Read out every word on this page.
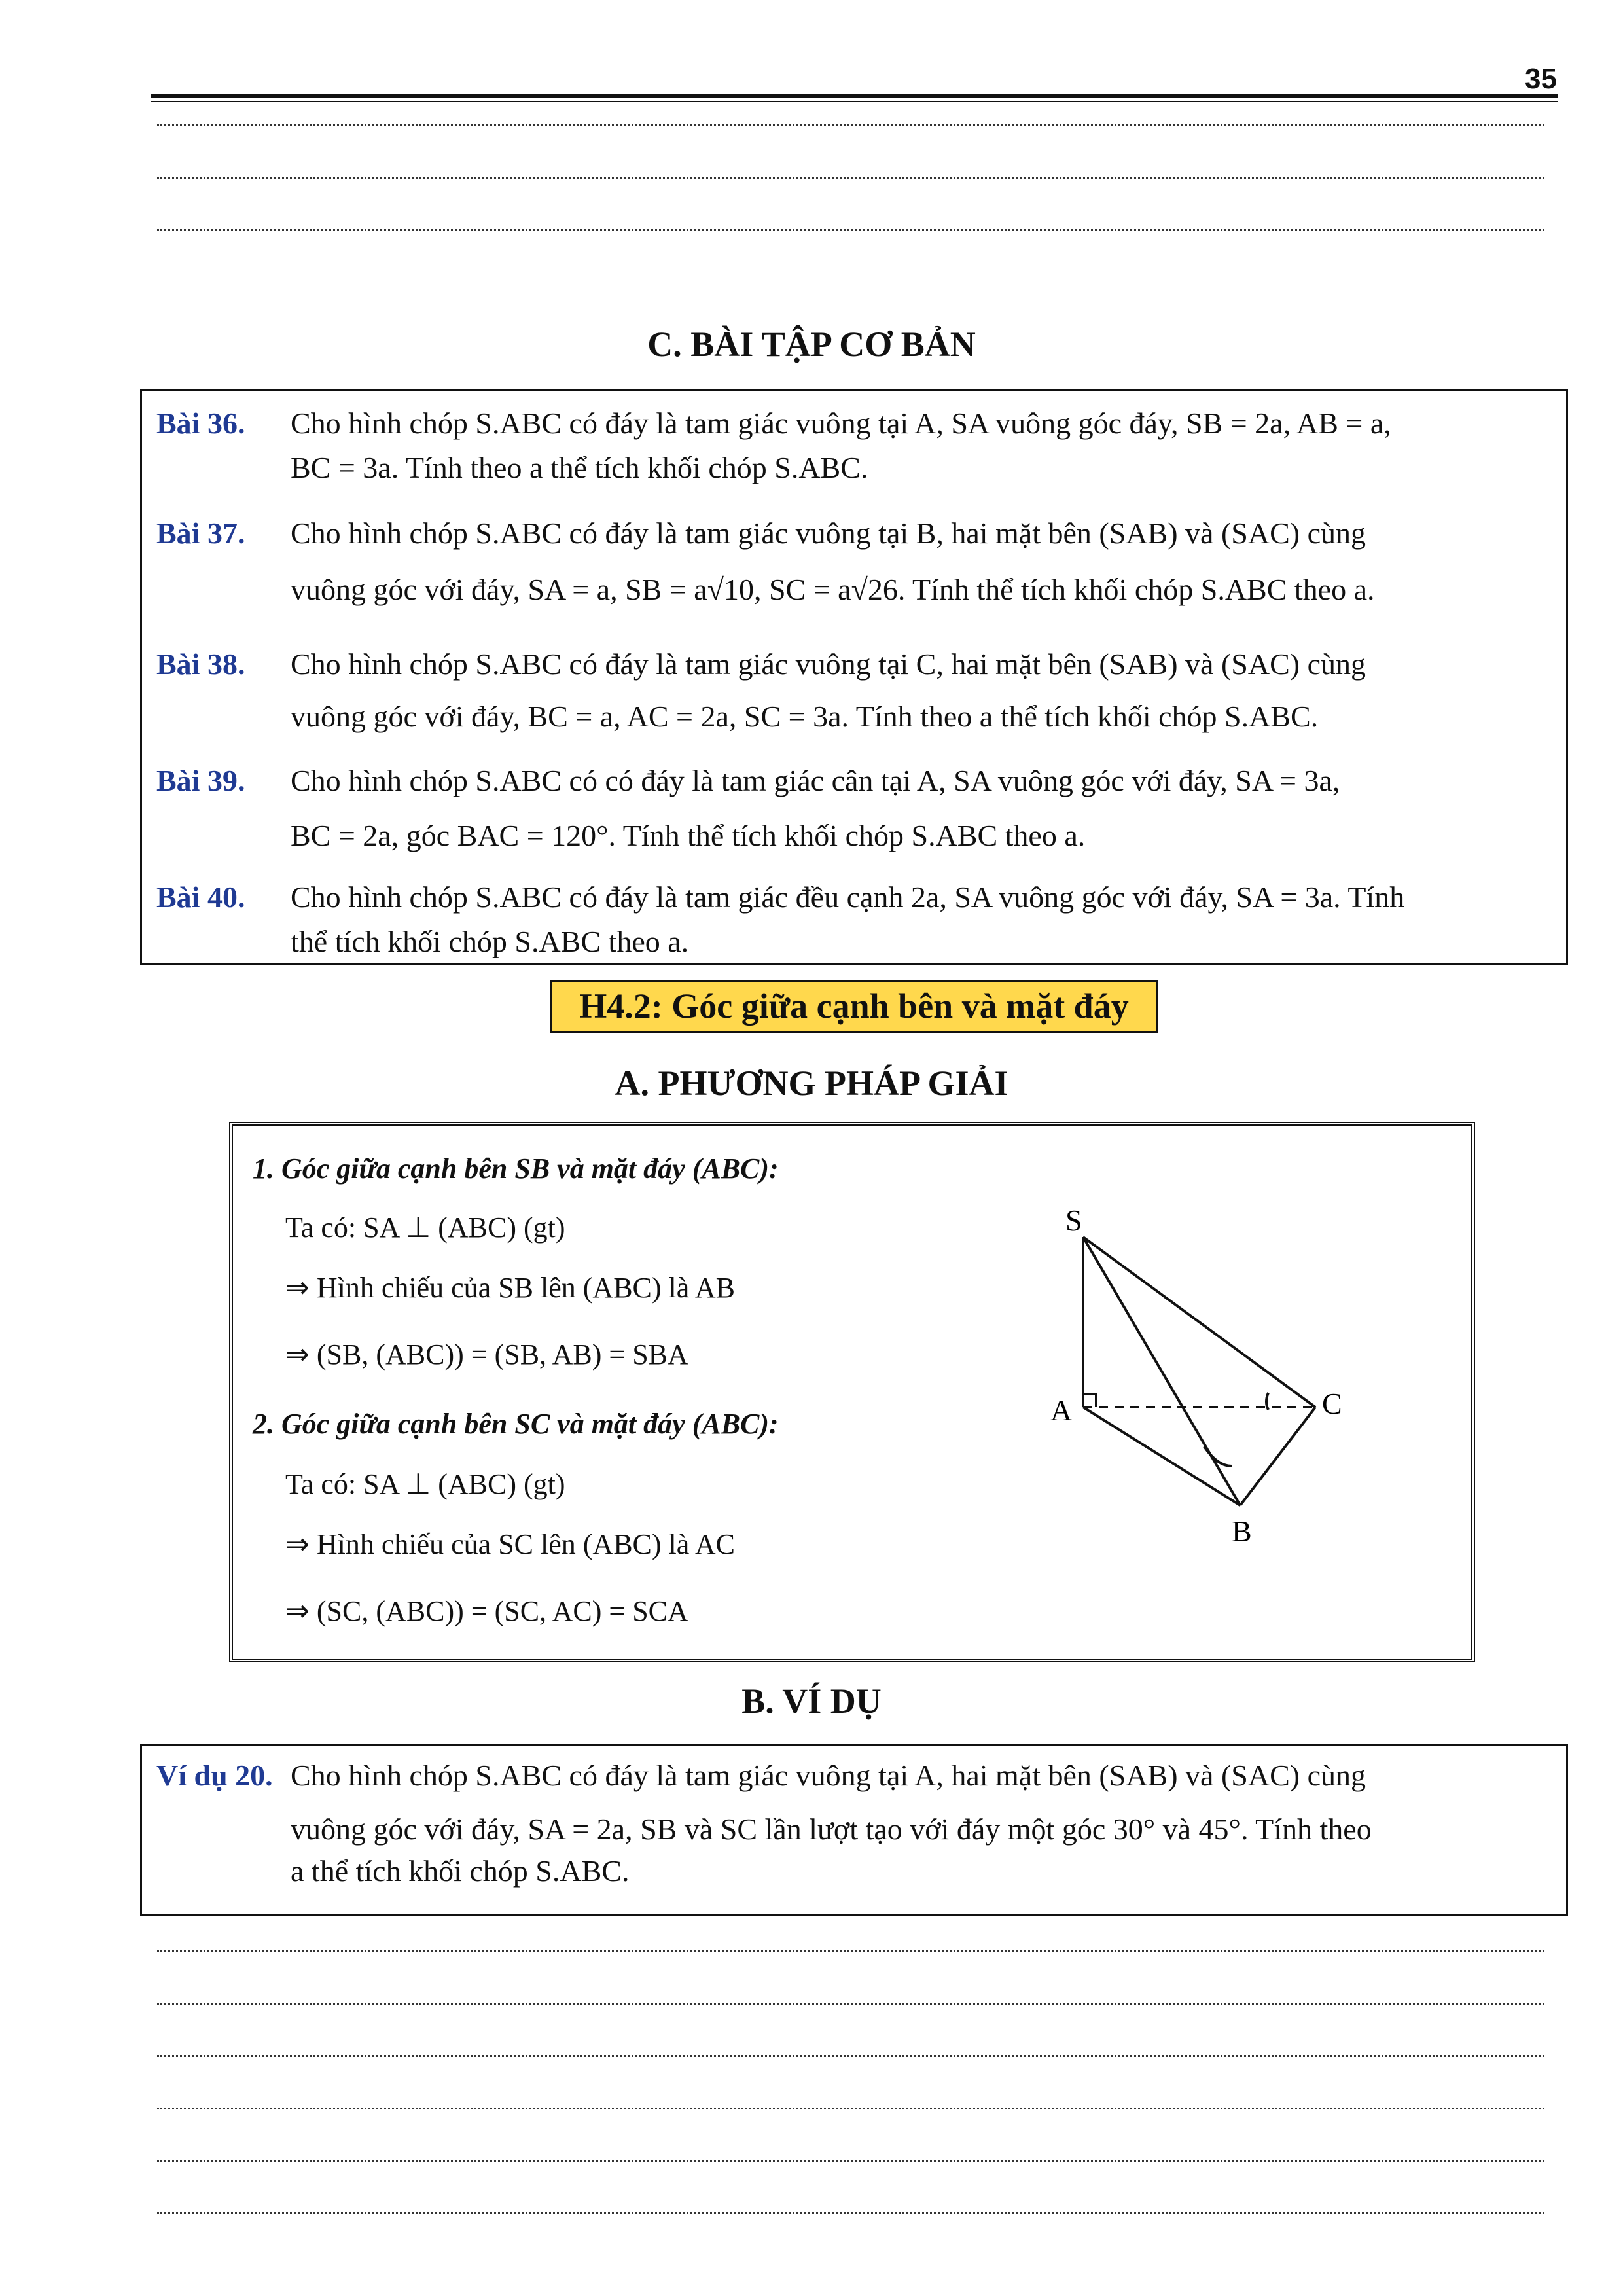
35
C. BÀI TẬP CƠ BẢN
Bài 36. Cho hình chóp S.ABC có đáy là tam giác vuông tại A, SA vuông góc đáy, SB = 2a, AB = a,
BC = 3a. Tính theo a thể tích khối chóp S.ABC.
Bài 37. Cho hình chóp S.ABC có đáy là tam giác vuông tại B, hai mặt bên (SAB) và (SAC) cùng
vuông góc với đáy, SA = a, SB = a√10, SC = a√26. Tính thể tích khối chóp S.ABC theo a.
Bài 38. Cho hình chóp S.ABC có đáy là tam giác vuông tại C, hai mặt bên (SAB) và (SAC) cùng
vuông góc với đáy, BC = a, AC = 2a, SC = 3a. Tính theo a thể tích khối chóp S.ABC.
Bài 39. Cho hình chóp S.ABC có có đáy là tam giác cân tại A, SA vuông góc với đáy, SA = 3a,
BC = 2a, góc BAC = 120°. Tính thể tích khối chóp S.ABC theo a.
Bài 40. Cho hình chóp S.ABC có đáy là tam giác đều cạnh 2a, SA vuông góc với đáy, SA = 3a. Tính
thể tích khối chóp S.ABC theo a.
H4.2: Góc giữa cạnh bên và mặt đáy
A. PHƯƠNG PHÁP GIẢI
1. Góc giữa cạnh bên SB và mặt đáy (ABC):
Ta có: SA ⊥ (ABC) (gt)
⇒ Hình chiếu của SB lên (ABC) là AB
⇒ (SB, (ABC)) = (SB, AB) = SBA
2. Góc giữa cạnh bên SC và mặt đáy (ABC):
Ta có: SA ⊥ (ABC) (gt)
⇒ Hình chiếu của SC lên (ABC) là AC
⇒ (SC, (ABC)) = (SC, AC) = SCA
S
A
B
C
B. VÍ DỤ
Ví dụ 20. Cho hình chóp S.ABC có đáy là tam giác vuông tại A, hai mặt bên (SAB) và (SAC) cùng
vuông góc với đáy, SA = 2a, SB và SC lần lượt tạo với đáy một góc 30° và 45°. Tính theo
a thể tích khối chóp S.ABC.
